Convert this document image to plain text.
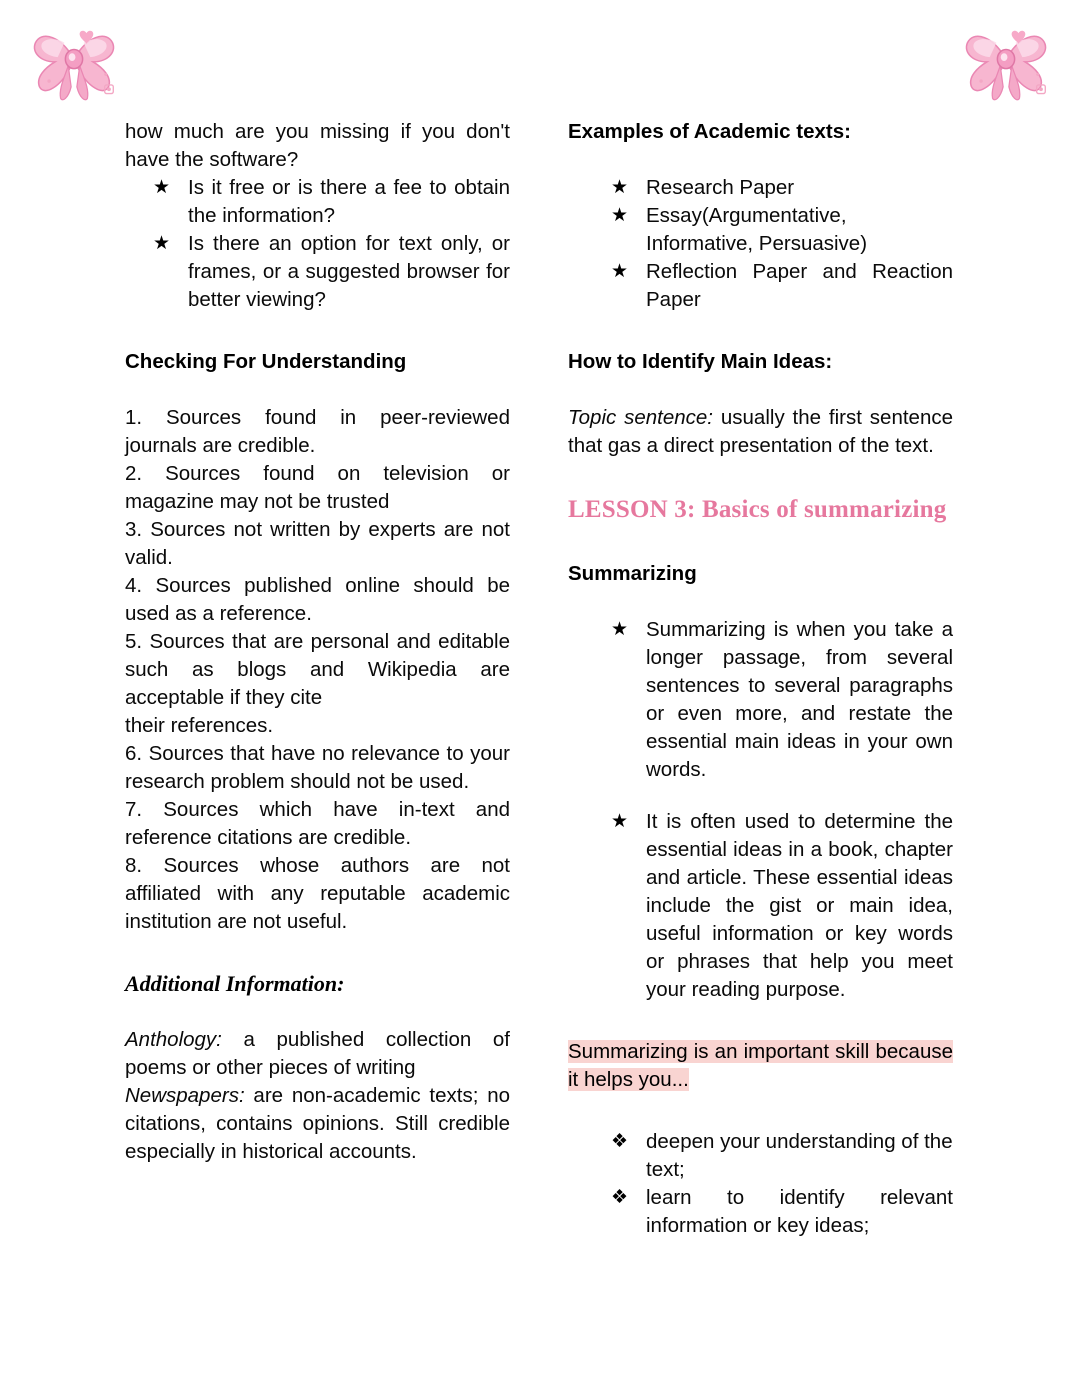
how much are you missing if you don't have the software?

★ Is it free or is there a fee to obtain the information?
★ Is there an option for text only, or frames, or a suggested browser for better viewing?
Checking For Understanding

1. Sources found in peer-reviewed journals are credible.

2. Sources found on television or magazine may not be trusted

3. Sources not written by experts are not valid.

4. Sources published online should be used as a reference.

5. Sources that are personal and editable such as blogs and Wikipedia are acceptable if they cite

their references.

6. Sources that have no relevance to your research problem should not be used.

7. Sources which have in-text and reference citations are credible.

8. Sources whose authors are not affiliated with any reputable academic institution are not useful.

Additional Information:

Anthology: a published collection of poems or other pieces of writing

Newspapers: are non-academic texts; no citations, contains opinions. Still credible especially in historical accounts.

Examples of Academic texts:
★ Research Paper
★ Essay(Argumentative, Informative, Persuasive)
★ Reflection Paper and Reaction Paper
How to Identify Main Ideas:

Topic sentence: usually the first sentence that gas a direct presentation of the text.

LESSON 3: Basics of summarizing
Summarizing
★ Summarizing is when you take a longer passage, from several sentences to several paragraphs or even more, and restate the essential main ideas in your own words.
★ It is often used to determine the essential ideas in a book, chapter and article. These essential ideas include the gist or main idea, useful information or key words or phrases that help you meet your reading purpose.

Summarizing is an important skill because it helps you...

❖ deepen your understanding of the text;
❖ learn to identify relevant information or key ideas;
